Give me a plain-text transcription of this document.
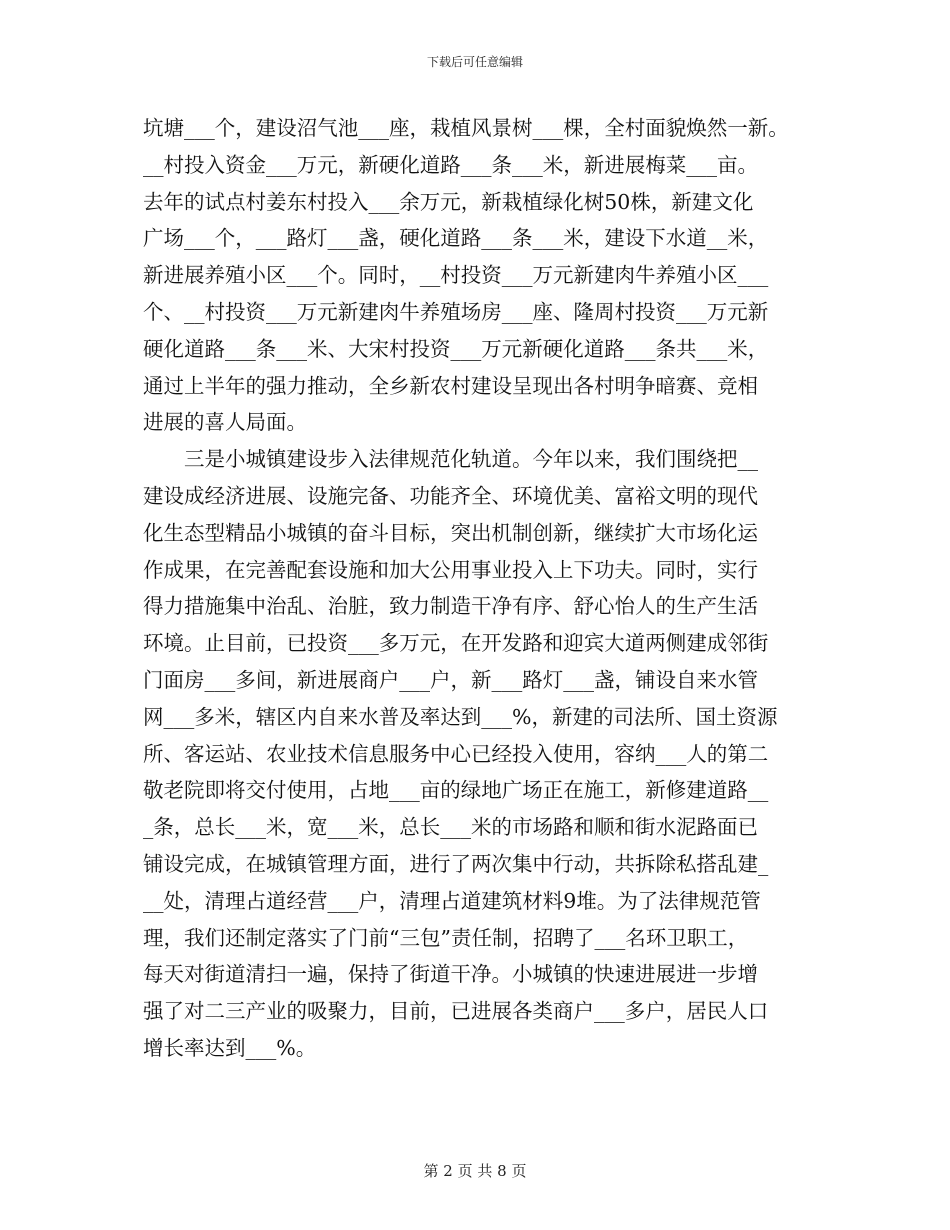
下载后可任意编辑
坑塘___个，建设沼气池___座，栽植风景树___棵，全村面貌焕然一新。
__村投入资金___万元，新硬化道路___条___米，新进展梅菜___亩。
去年的试点村姜东村投入___余万元，新栽植绿化树50株，新建文化
广场___个，___路灯___盏，硬化道路___条___米，建设下水道__米，
新进展养殖小区___个。同时，__村投资___万元新建肉牛养殖小区___
个、__村投资___万元新建肉牛养殖场房___座、隆周村投资___万元新
硬化道路___条___米、大宋村投资___万元新硬化道路___条共___米，
通过上半年的强力推动，全乡新农村建设呈现出各村明争暗赛、竞相
进展的喜人局面。
　　三是小城镇建设步入法律规范化轨道。今年以来，我们围绕把__
建设成经济进展、设施完备、功能齐全、环境优美、富裕文明的现代
化生态型精品小城镇的奋斗目标，突出机制创新，继续扩大市场化运
作成果，在完善配套设施和加大公用事业投入上下功夫。同时，实行
得力措施集中治乱、治脏，致力制造干净有序、舒心怡人的生产生活
环境。止目前，已投资___多万元，在开发路和迎宾大道两侧建成邻街
门面房___多间，新进展商户___户，新___路灯___盏，铺设自来水管
网___多米，辖区内自来水普及率达到___%，新建的司法所、国土资源
所、客运站、农业技术信息服务中心已经投入使用，容纳___人的第二
敬老院即将交付使用，占地___亩的绿地广场正在施工，新修建道路__
_条，总长___米，宽___米，总长___米的市场路和顺和街水泥路面已
铺设完成，在城镇管理方面，进行了两次集中行动，共拆除私搭乱建_
__处，清理占道经营___户，清理占道建筑材料9堆。为了法律规范管
理，我们还制定落实了门前“三包”责任制，招聘了___名环卫职工，
每天对街道清扫一遍，保持了街道干净。小城镇的快速进展进一步增
强了对二三产业的吸聚力，目前，已进展各类商户___多户，居民人口
增长率达到___%。
第 2 页 共 8 页
